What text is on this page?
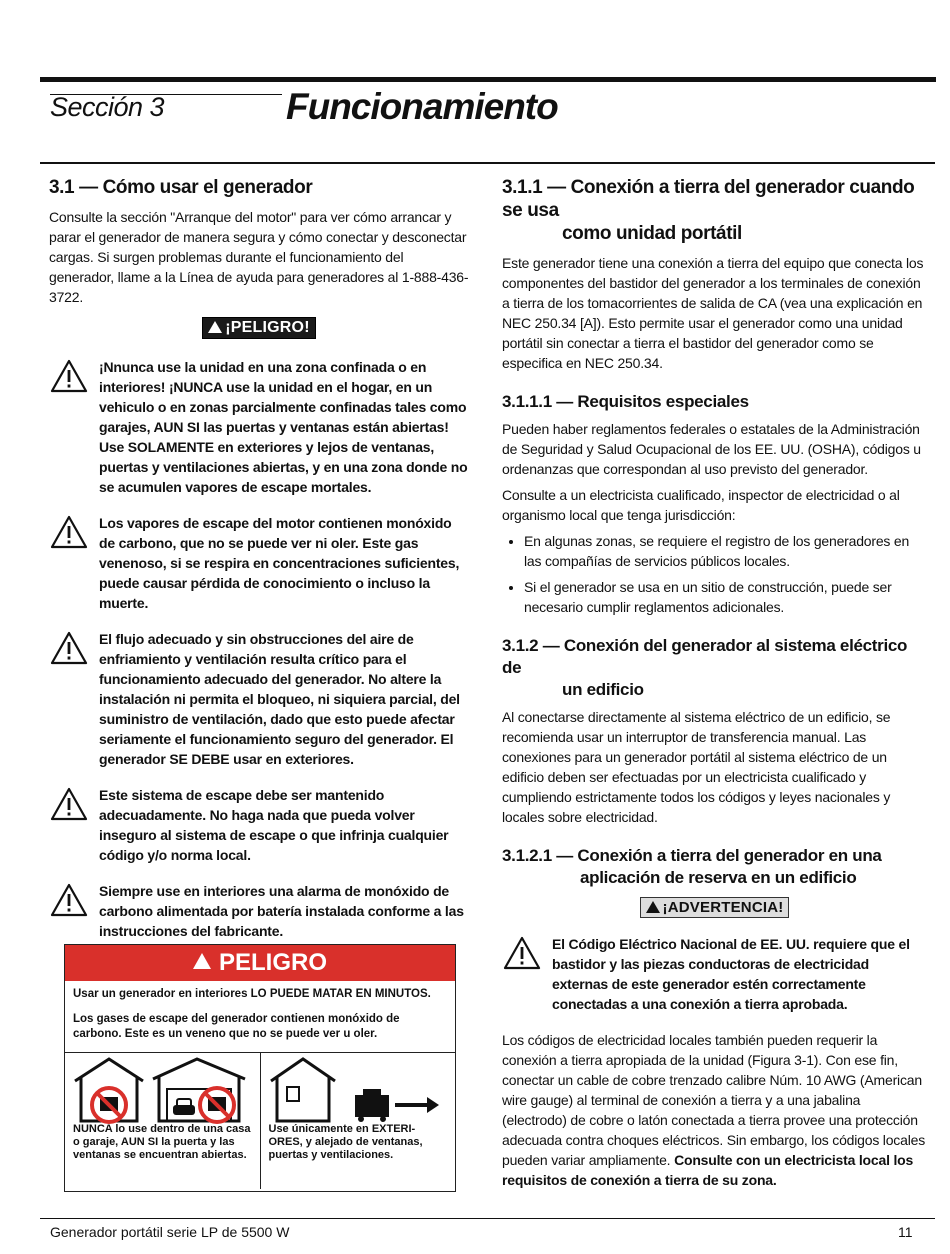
Sección 3	Funcionamiento
3.1 — Cómo usar el generador

Consulte la sección "Arranque del motor" para ver cómo arrancar y parar el generador de manera segura y cómo conectar y desconectar cargas. Si surgen problemas durante el funcionamiento del generador, llame a la Línea de ayuda para generadores al 1-888-436-3722.

¡PELIGRO!
¡Nnunca use la unidad en una zona confinada o en interiores! ¡NUNCA use la unidad en el hogar, en un vehiculo o en zonas parcialmente confinadas tales como garajes, AUN SI las puertas y ventanas están abiertas! Use SOLAMENTE en exteriores y lejos de ventanas, puertas y ventilaciones abiertas, y en una zona donde no se acumulen vapores de escape mortales.
Los vapores de escape del motor contienen monóxido de carbono, que no se puede ver ni oler. Este gas venenoso, si se respira en concentraciones suficientes, puede causar pérdida de conocimiento o incluso la muerte.
El flujo adecuado y sin obstrucciones del aire de enfriamiento y ventilación resulta crítico para el funcionamiento adecuado del generador. No altere la instalación ni permita el bloqueo, ni siquiera parcial, del suministro de ventilación, dado que esto puede afectar seriamente el funcionamiento seguro del generador. El generador SE DEBE usar en exteriores.
Este sistema de escape debe ser mantenido adecuadamente. No haga nada que pueda volver inseguro al sistema de escape o que infrinja cualquier código y/o norma local.
Siempre use en interiores una alarma de monóxido de carbono alimentada por batería instalada conforme a las instrucciones del fabricante.
PELIGRO
Usar un generador en interiores LO PUEDE MATAR EN MINUTOS.
Los gases de escape del generador contienen monóxido de carbono. Este es un veneno que no se puede ver u oler.
NUNCA lo use dentro de una casa o garaje, AUN SI la puerta y las ventanas se encuentran abiertas.
Use únicamente en EXTERI-ORES, y alejado de ventanas, puertas y ventilaciones.
3.1.1 — Conexión a tierra del generador cuando se usa
como unidad portátil

Este generador tiene una conexión a tierra del equipo que conecta los componentes del bastidor del generador a los terminales de conexión a tierra de los tomacorrientes de salida de CA (vea una explicación en NEC 250.34 [A]). Esto permite usar el generador como una unidad portátil sin conectar a tierra el bastidor del generador como se especifica en NEC 250.34.

3.1.1.1 — Requisitos especiales

Pueden haber reglamentos federales o estatales de la Administración de Seguridad y Salud Ocupacional de los EE. UU. (OSHA), códigos u ordenanzas que correspondan al uso previsto del generador.

Consulte a un electricista cualificado, inspector de electricidad o al organismo local que tenga jurisdicción:

• En algunas zonas, se requiere el registro de los generadores en las compañías de servicios públicos locales.
• Si el generador se usa en un sitio de construcción, puede ser necesario cumplir reglamentos adicionales.
3.1.2 — Conexión del generador al sistema eléctrico de
un edificio

Al conectarse directamente al sistema eléctrico de un edificio, se recomienda usar un interruptor de transferencia manual. Las conexiones para un generador portátil al sistema eléctrico de un edificio deben ser efectuadas por un electricista cualificado y cumpliendo estrictamente todos los códigos y leyes nacionales y locales sobre electricidad.

3.1.2.1 — Conexión a tierra del generador en una
aplicación de reserva en un edificio
¡ADVERTENCIA!
El Código Eléctrico Nacional de EE. UU. requiere que el bastidor y las piezas conductoras de electricidad externas de este generador estén correctamente conectadas a una conexión a tierra aprobada.

Los códigos de electricidad locales también pueden requerir la conexión a tierra apropiada de la unidad (Figura 3-1). Con ese fin, conectar un cable de cobre trenzado calibre Núm. 10 AWG (American wire gauge) al terminal de conexión a tierra y a una jabalina (electrodo) de cobre o latón conectada a tierra provee una protección adecuada contra choques eléctricos. Sin embargo, los códigos locales pueden variar ampliamente. Consulte con un electricista local los requisitos de conexión a tierra de su zona.

Generador portátil serie LP de 5500 W	11
